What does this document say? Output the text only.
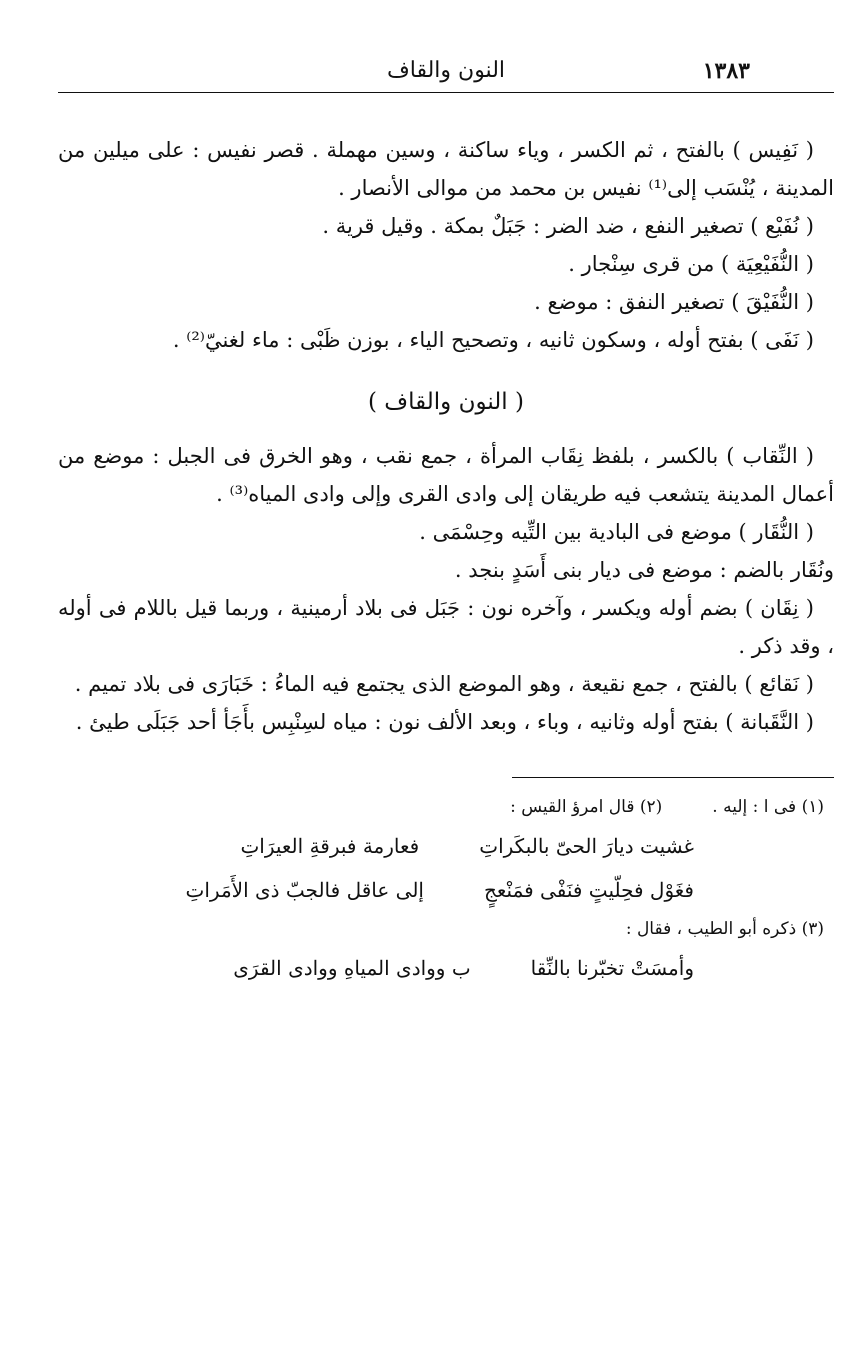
النون والقاف	١٣٨٣

( نَفِيس ) بالفتح ، ثم الكسر ، وياء ساكنة ، وسين مهملة . قصر نفيس : على ميلين من المدينة ، يُنْسَب إلى⁽¹⁾ نفيس بن محمد من موالى الأنصار .

( نُفَيْع ) تصغير النفع ، ضد الضر : جَبَلٌ بمكة . وقيل قرية .

( النُّفَيْعِيَة ) من قرى سِنْجار .

( النُّفَيْقَ ) تصغير النفق : موضع .

( نَفَى ) بفتح أوله ، وسكون ثانيه ، وتصحيح الياء ، بوزن ظَبْى : ماء لغنيّ⁽²⁾ .

( النون والقاف )

( النِّقاب ) بالكسر ، بلفظ نِقَاب المرأة ، جمع نقب ، وهو الخرق فى الجبل : موضع من أعمال المدينة يتشعب فيه طريقان إلى وادى القرى وإلى وادى المياه⁽³⁾ .

( النُّقَار ) موضع فى البادية بين التِّيه وحِسْمَى .

ونُقَار بالضم : موضع فى ديار بنى أَسَدٍ بنجد .

( نِقَان ) بضم أوله ويكسر ، وآخره نون : جَبَل فى بلاد أرمينية ، وربما قيل باللام فى أوله ، وقد ذكر .

( نَقائع ) بالفتح ، جمع نقيعة ، وهو الموضع الذى يجتمع فيه الماءُ : خَبَارَى فى بلاد تميم .

( النَّقَبانة ) بفتح أوله وثانيه ، وباء ، وبعد الألف نون : مياه لسِنْبِس بأَجَأ أحد جَبَلَى طيئ .

(١) فى ا : إليه .
(٢) قال امرؤ القيس :
غشيت ديارَ الحىّ بالبكَراتِ
فعارمة فبرقةِ العيرَاتِ
فغَوْل فحِلّيتٍ فنَفْى فمَنْعجٍ
إلى عاقل فالجبّ ذى الأَمَراتِ
(٣) ذكره أبو الطيب ، فقال :
وأمسَتْ تخبّرنا بالنِّقا
ب ووادى المياهِ ووادى القرَى
